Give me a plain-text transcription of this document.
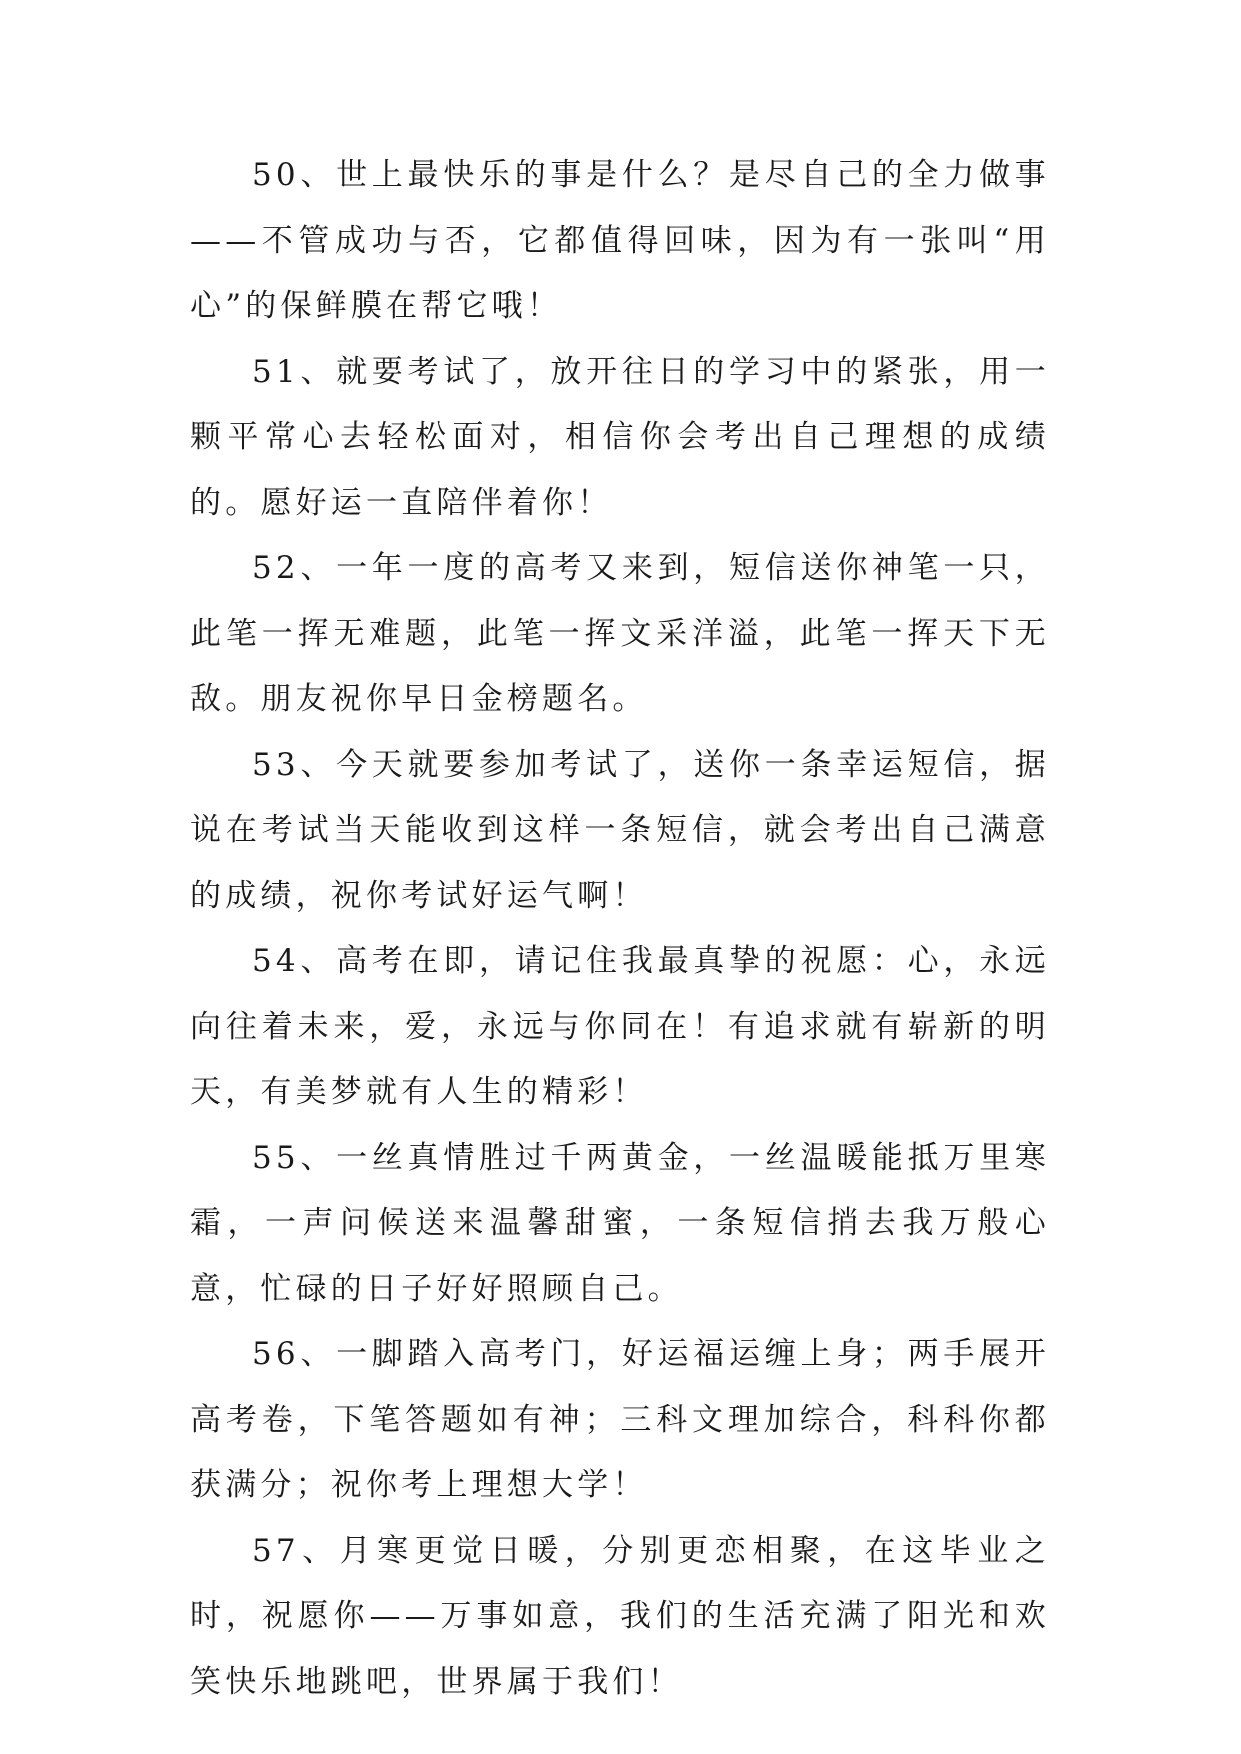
50、世上最快乐的事是什么？是尽自己的全力做事——不管成功与否，它都值得回味，因为有一张叫“用心”的保鲜膜在帮它哦！

51、就要考试了，放开往日的学习中的紧张，用一颗平常心去轻松面对，相信你会考出自己理想的成绩的。愿好运一直陪伴着你！

52、一年一度的高考又来到，短信送你神笔一只，此笔一挥无难题，此笔一挥文采洋溢，此笔一挥天下无敌。朋友祝你早日金榜题名。

53、今天就要参加考试了，送你一条幸运短信，据说在考试当天能收到这样一条短信，就会考出自己满意的成绩，祝你考试好运气啊！

54、高考在即，请记住我最真挚的祝愿：心，永远向往着未来，爱，永远与你同在！有追求就有崭新的明天，有美梦就有人生的精彩！

55、一丝真情胜过千两黄金，一丝温暖能抵万里寒霜，一声问候送来温馨甜蜜，一条短信捎去我万般心意，忙碌的日子好好照顾自己。

56、一脚踏入高考门，好运福运缠上身；两手展开高考卷，下笔答题如有神；三科文理加综合，科科你都获满分；祝你考上理想大学！

57、月寒更觉日暖，分别更恋相聚，在这毕业之时，祝愿你——万事如意，我们的生活充满了阳光和欢笑快乐地跳吧，世界属于我们！
